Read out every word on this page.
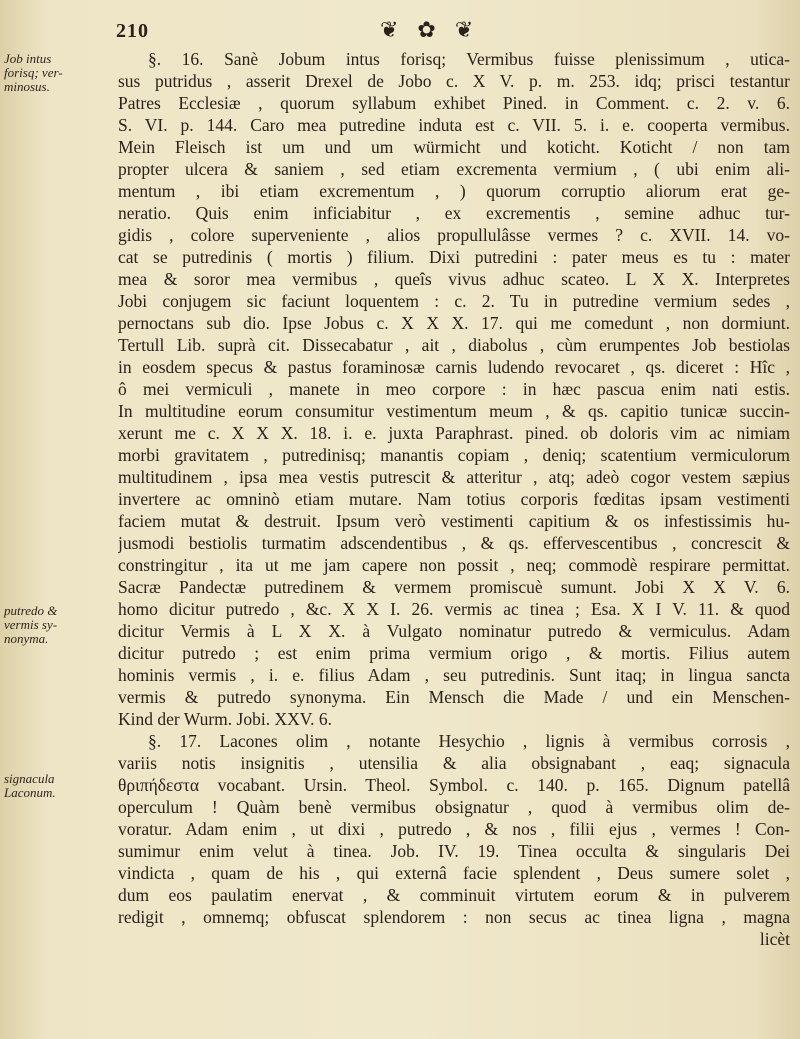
210	❦ ✿ ❦
Job intus
forisq; ver-
minosus.
putredo &
vermis sy-
nonyma.
signacula
Laconum.
§. 16. Sanè Jobum intus forisq; Vermibus fuisse plenissimum , utica-
sus putridus , asserit Drexel de Jobo c. X V. p. m. 253. idq; prisci testantur
Patres Ecclesiæ , quorum syllabum exhibet Pined. in Comment. c. 2. v. 6.
S. VI. p. 144. Caro mea putredine induta est c. VII. 5. i. e. cooperta vermibus.
Mein Fleisch ist um und um würmicht und koticht. Koticht / non tam
propter ulcera & saniem , sed etiam excrementa vermium , ( ubi enim ali-
mentum , ibi etiam excrementum , ) quorum corruptio aliorum erat ge-
neratio. Quis enim inficiabitur , ex excrementis , semine adhuc tur-
gidis , colore superveniente , alios propullulâsse vermes ? c. XVII. 14. vo-
cat se putredinis ( mortis ) filium. Dixi putredini : pater meus es tu : mater
mea & soror mea vermibus , queîs vivus adhuc scateo. L X X. Interpretes
Jobi conjugem sic faciunt loquentem : c. 2. Tu in putredine vermium sedes ,
pernoctans sub dio. Ipse Jobus c. X X X. 17. qui me comedunt , non dormiunt.
Tertull Lib. suprà cit. Dissecabatur , ait , diabolus , cùm erumpentes Job bestiolas
in eosdem specus & pastus foraminosæ carnis ludendo revocaret , qs. diceret : Hîc ,
ô mei vermiculi , manete in meo corpore : in hæc pascua enim nati estis.
In multitudine eorum consumitur vestimentum meum , & qs. capitio tunicæ succin-
xerunt me c. X X X. 18. i. e. juxta Paraphrast. pined. ob doloris vim ac nimiam
morbi gravitatem , putredinisq; manantis copiam , deniq; scatentium vermiculorum
multitudinem , ipsa mea vestis putrescit & atteritur , atq; adeò cogor vestem sæpius
invertere ac omninò etiam mutare. Nam totius corporis fœditas ipsam vestimenti
faciem mutat & destruit. Ipsum verò vestimenti capitium & os infestissimis hu-
jusmodi bestiolis turmatim adscendentibus , & qs. effervescentibus , concrescit &
constringitur , ita ut me jam capere non possit , neq; commodè respirare permittat.
Sacræ Pandectæ putredinem & vermem promiscuè sumunt. Jobi X X V. 6.
homo dicitur putredo , &c. X X I. 26. vermis ac tinea ; Esa. X I V. 11. & quod
dicitur Vermis à L X X. à Vulgato nominatur putredo & vermiculus. Adam
dicitur putredo ; est enim prima vermium origo , & mortis. Filius autem
hominis vermis , i. e. filius Adam , seu putredinis. Sunt itaq; in lingua sancta
vermis & putredo synonyma. Ein Mensch die Made / und ein Menschen-
Kind der Wurm. Jobi. XXV. 6.
§. 17. Lacones olim , notante Hesychio , lignis à vermibus corrosis ,
variis notis insignitis , utensilia & alia obsignabant , eaq; signacula
θριπήδεστα vocabant. Ursin. Theol. Symbol. c. 140. p. 165. Dignum patellâ
operculum ! Quàm benè vermibus obsignatur , quod à vermibus olim de-
voratur. Adam enim , ut dixi , putredo , & nos , filii ejus , vermes ! Con-
sumimur enim velut à tinea. Job. IV. 19. Tinea occulta & singularis Dei
vindicta , quam de his , qui externâ facie splendent , Deus sumere solet ,
dum eos paulatim enervat , & comminuit virtutem eorum & in pulverem
redigit , omnemq; obfuscat splendorem : non secus ac tinea ligna , magna
licèt
